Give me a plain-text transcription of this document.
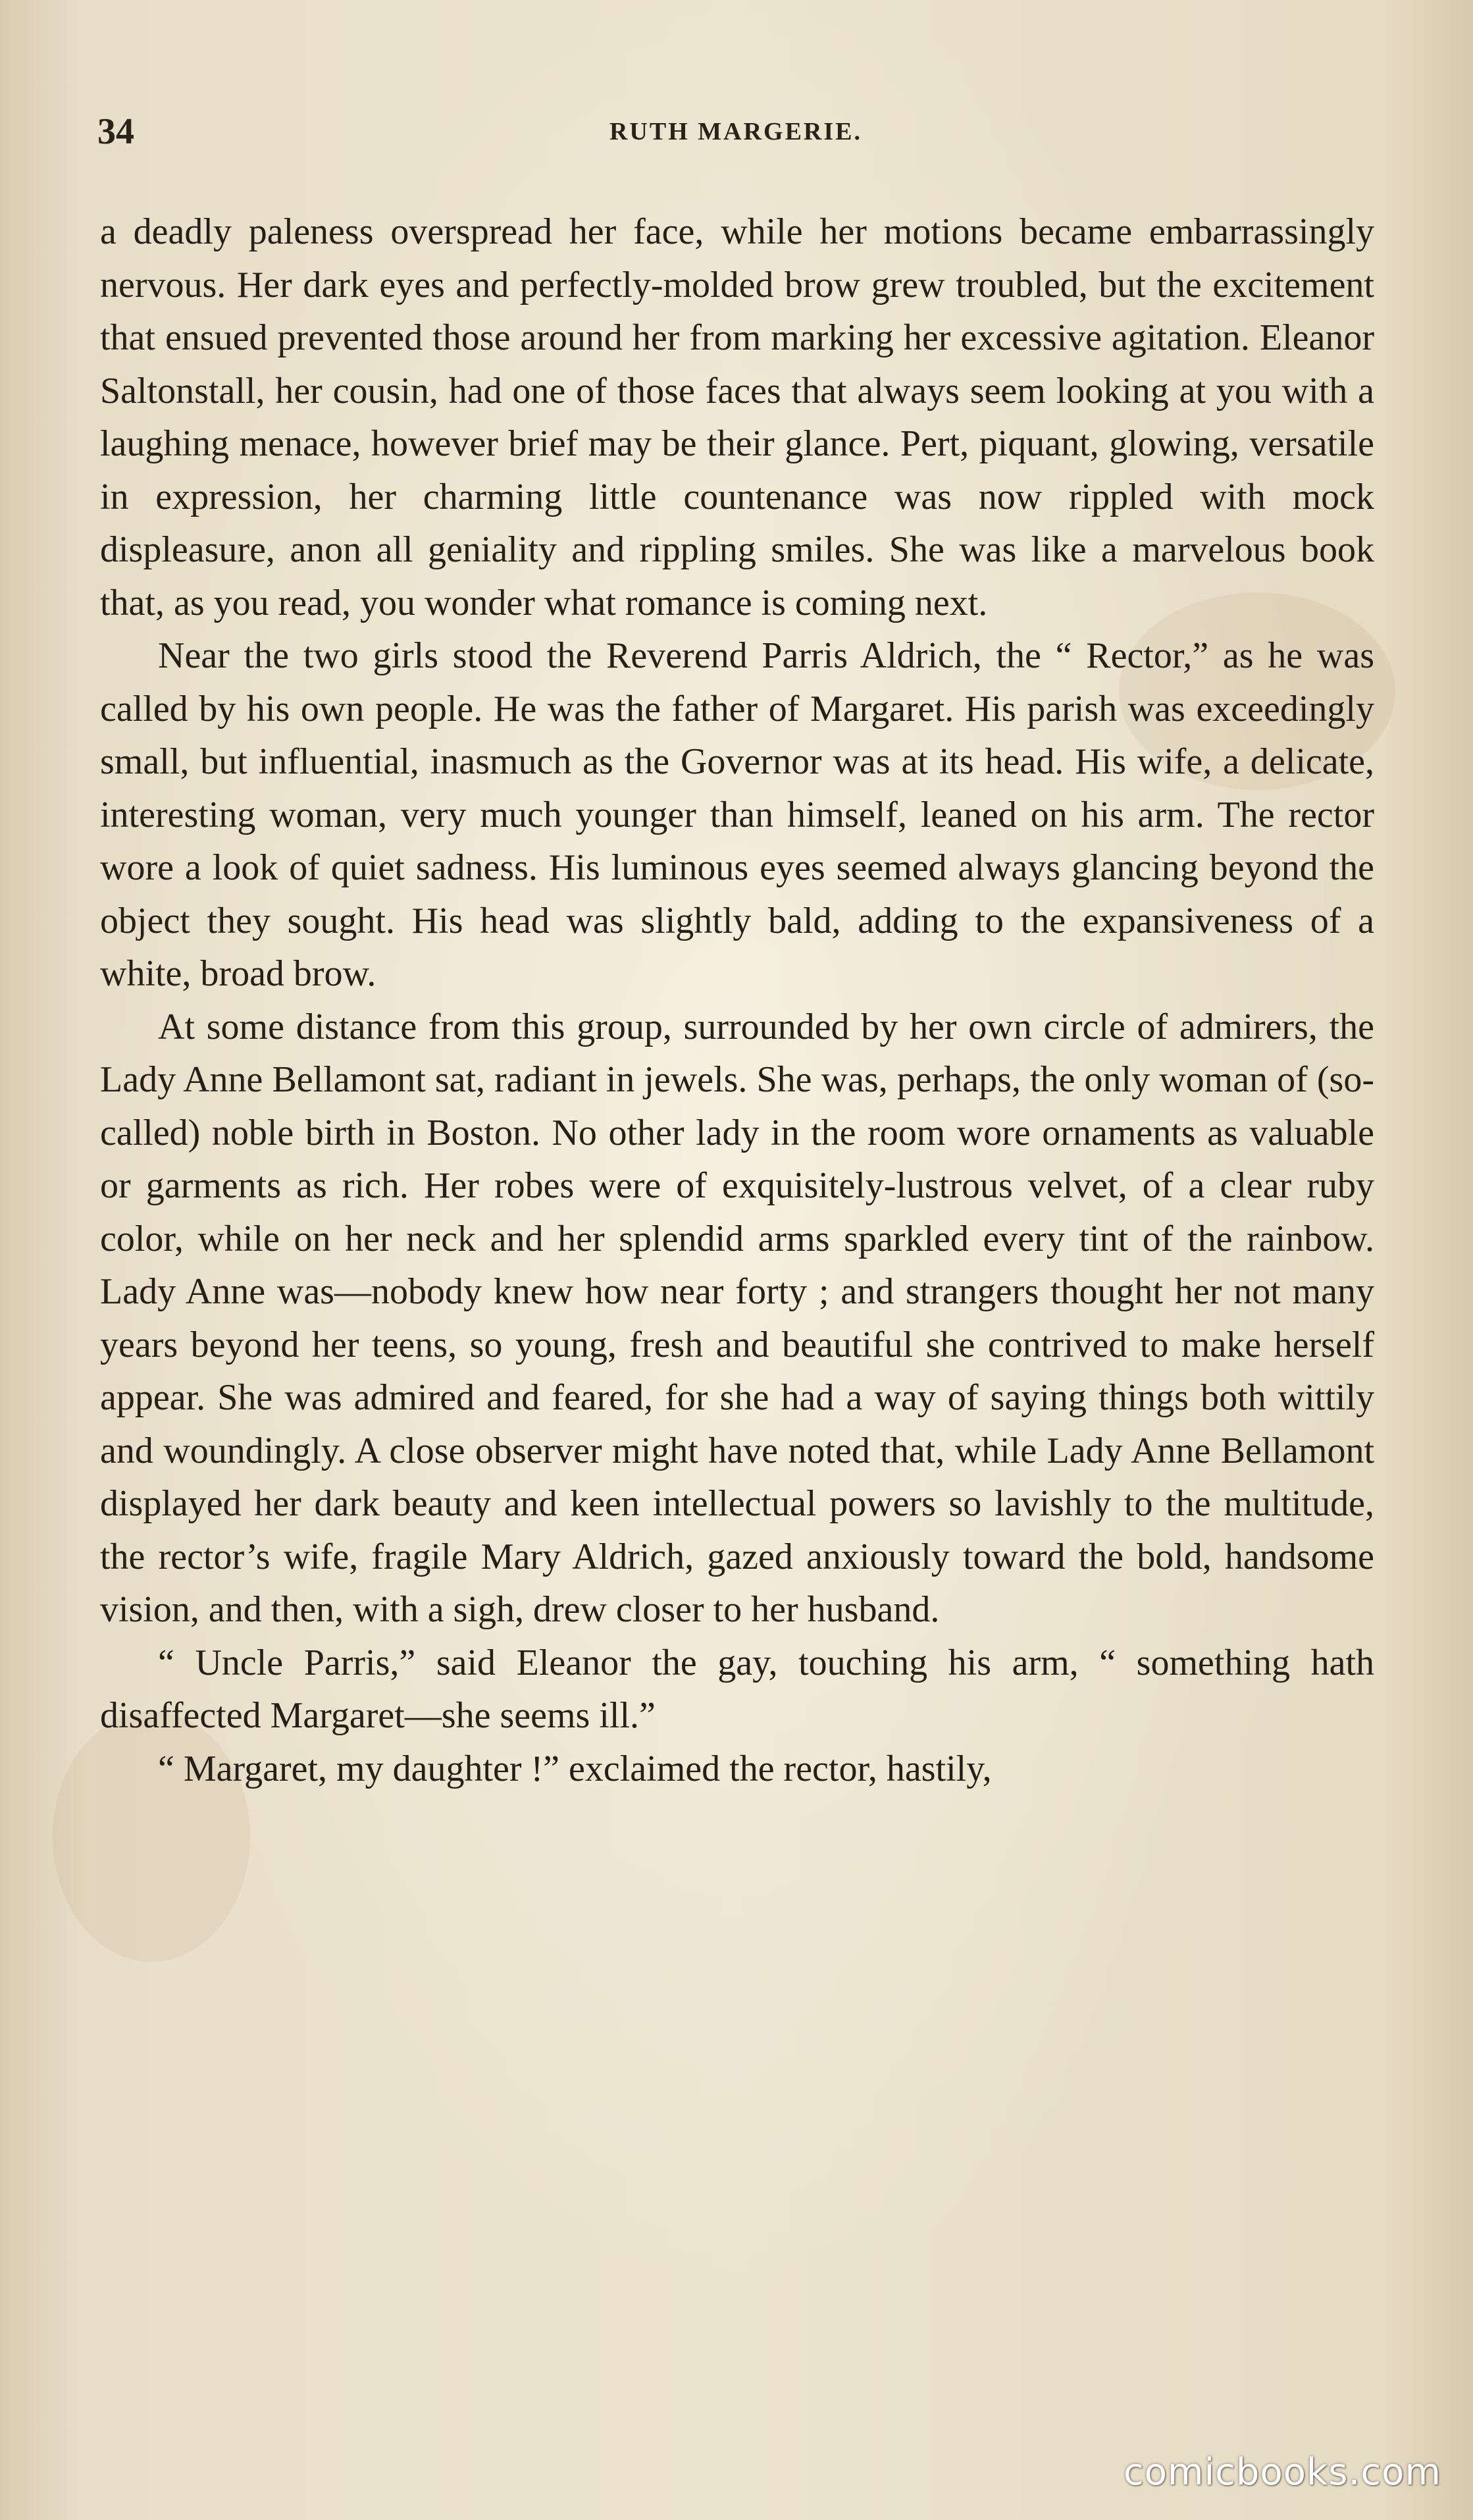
34	RUTH MARGERIE.

a deadly paleness overspread her face, while her motions became embarrassingly nervous. Her dark eyes and perfectly-molded brow grew troubled, but the excitement that ensued prevented those around her from marking her excessive agitation. Eleanor Saltonstall, her cousin, had one of those faces that always seem looking at you with a laughing menace, however brief may be their glance. Pert, piquant, glowing, versatile in expression, her charming little countenance was now rippled with mock displeasure, anon all geniality and rippling smiles. She was like a marvelous book that, as you read, you wonder what romance is coming next.

Near the two girls stood the Reverend Parris Aldrich, the “ Rector,” as he was called by his own people. He was the father of Margaret. His parish was exceedingly small, but influential, inasmuch as the Governor was at its head. His wife, a delicate, interesting woman, very much younger than himself, leaned on his arm. The rector wore a look of quiet sadness. His luminous eyes seemed always glancing beyond the object they sought. His head was slightly bald, adding to the expansiveness of a white, broad brow.

At some distance from this group, surrounded by her own circle of admirers, the Lady Anne Bellamont sat, radiant in jewels. She was, perhaps, the only woman of (so-called) noble birth in Boston. No other lady in the room wore ornaments as valuable or garments as rich. Her robes were of exquisitely-lustrous velvet, of a clear ruby color, while on her neck and her splendid arms sparkled every tint of the rainbow. Lady Anne was—nobody knew how near forty ; and strangers thought her not many years beyond her teens, so young, fresh and beautiful she contrived to make herself appear. She was admired and feared, for she had a way of saying things both wittily and woundingly. A close observer might have noted that, while Lady Anne Bellamont displayed her dark beauty and keen intellectual powers so lavishly to the multitude, the rector’s wife, fragile Mary Aldrich, gazed anxiously toward the bold, handsome vision, and then, with a sigh, drew closer to her husband.

“ Uncle Parris,” said Eleanor the gay, touching his arm, “ something hath disaffected Margaret—she seems ill.”

“ Margaret, my daughter !” exclaimed the rector, hastily,

comicbooks.com
